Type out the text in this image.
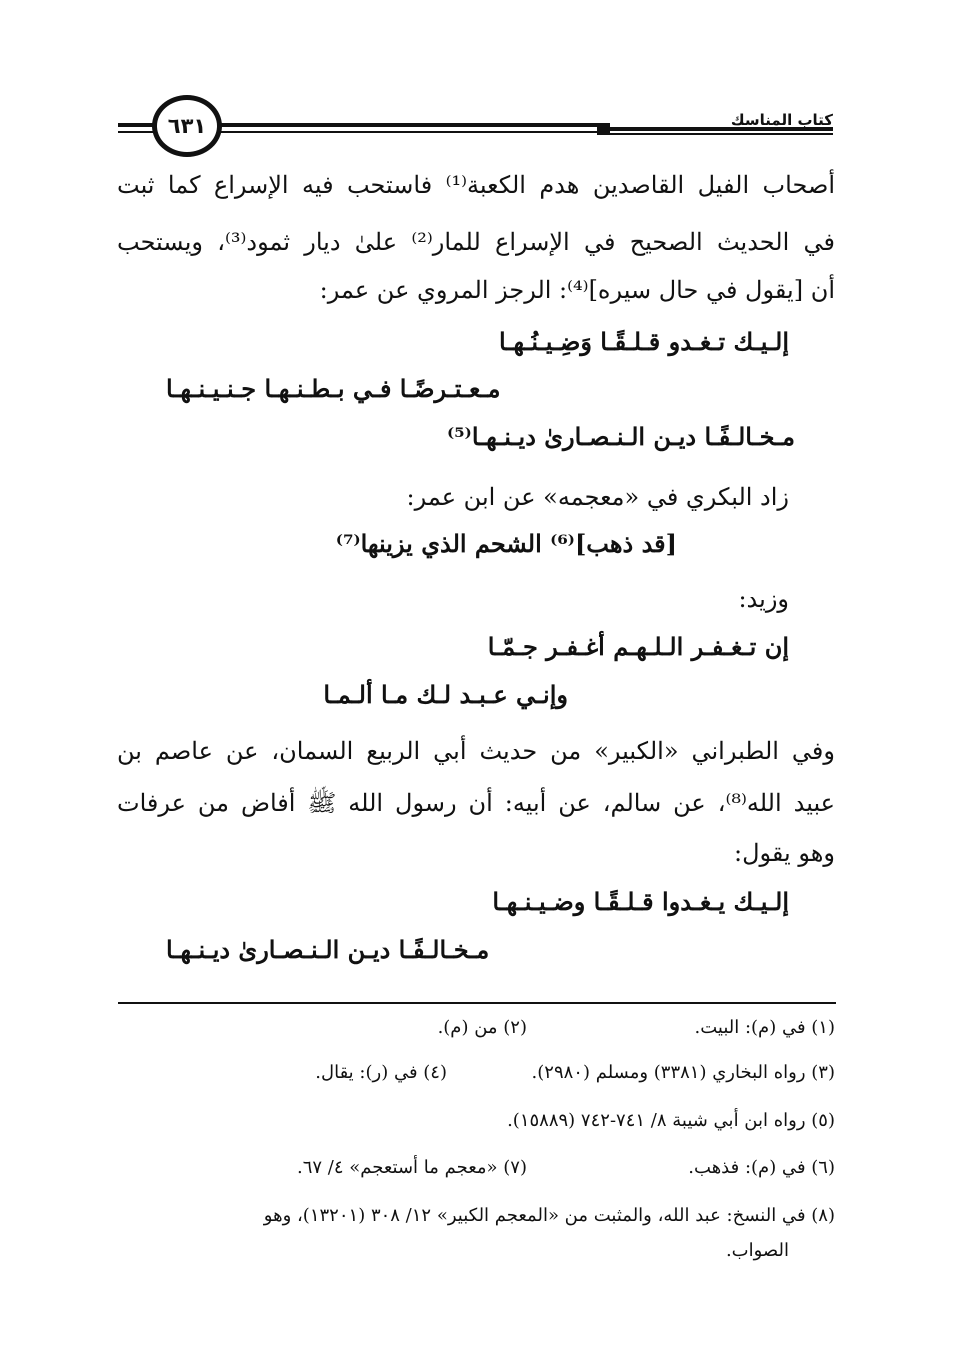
كتاب المناسك
٦٣١
أصحاب الفيل القاصدين هدم الكعبة⁽¹⁾ فاستحب فيه الإسراع كما ثبت
في الحديث الصحيح في الإسراع للمار⁽²⁾ علىٰ ديار ثمود⁽³⁾، ويستحب
أن [يقول في حال سيره]⁽⁴⁾: الرجز المروي عن عمر:
إلـيـك تـغـدو قـلـقًـا وَضِـيـنُـهـا
مـعـتـرضًـا فـي بـطـنـهـا جـنـيـنـهـا
مـخـالـفًـا ديـن الـنـصـارىٰ ديـنـهـا⁽⁵⁾
زاد البكري في «معجمه» عن ابن عمر:
[قد ذهب]⁽⁶⁾ الشحم الذي يزينها⁽⁷⁾
وزيد:
إن تـغـفـر الـلـهـم أغـفـر جـمّـا
وإنـي عـبـد لـك مـا ألـمـا
وفي الطبراني «الكبير» من حديث أبي الربيع السمان، عن عاصم بن
عبيد الله⁽⁸⁾، عن سالم، عن أبيه: أن رسول الله ﷺ أفاض من عرفات
وهو يقول:
إلـيـك يـغـدوا قـلـقًـا وضـيـنـهـا
مـخـالـفًـا ديـن الـنـصـارىٰ ديـنـهـا
(١) في (م): البيت.
(٢) من (م).
(٣) رواه البخاري (٣٣٨١) ومسلم (٢٩٨٠).
(٤) في (ر): يقال.
(٥) رواه ابن أبي شيبة ٨/ ٧٤١-٧٤٢ (١٥٨٨٩).
(٦) في (م): فذهب.
(٧) «معجم ما أستعجم» ٤/ ٦٧.
(٨) في النسخ: عبد الله، والمثبت من «المعجم الكبير» ١٢/ ٣٠٨ (١٣٢٠١)، وهو
الصواب.
